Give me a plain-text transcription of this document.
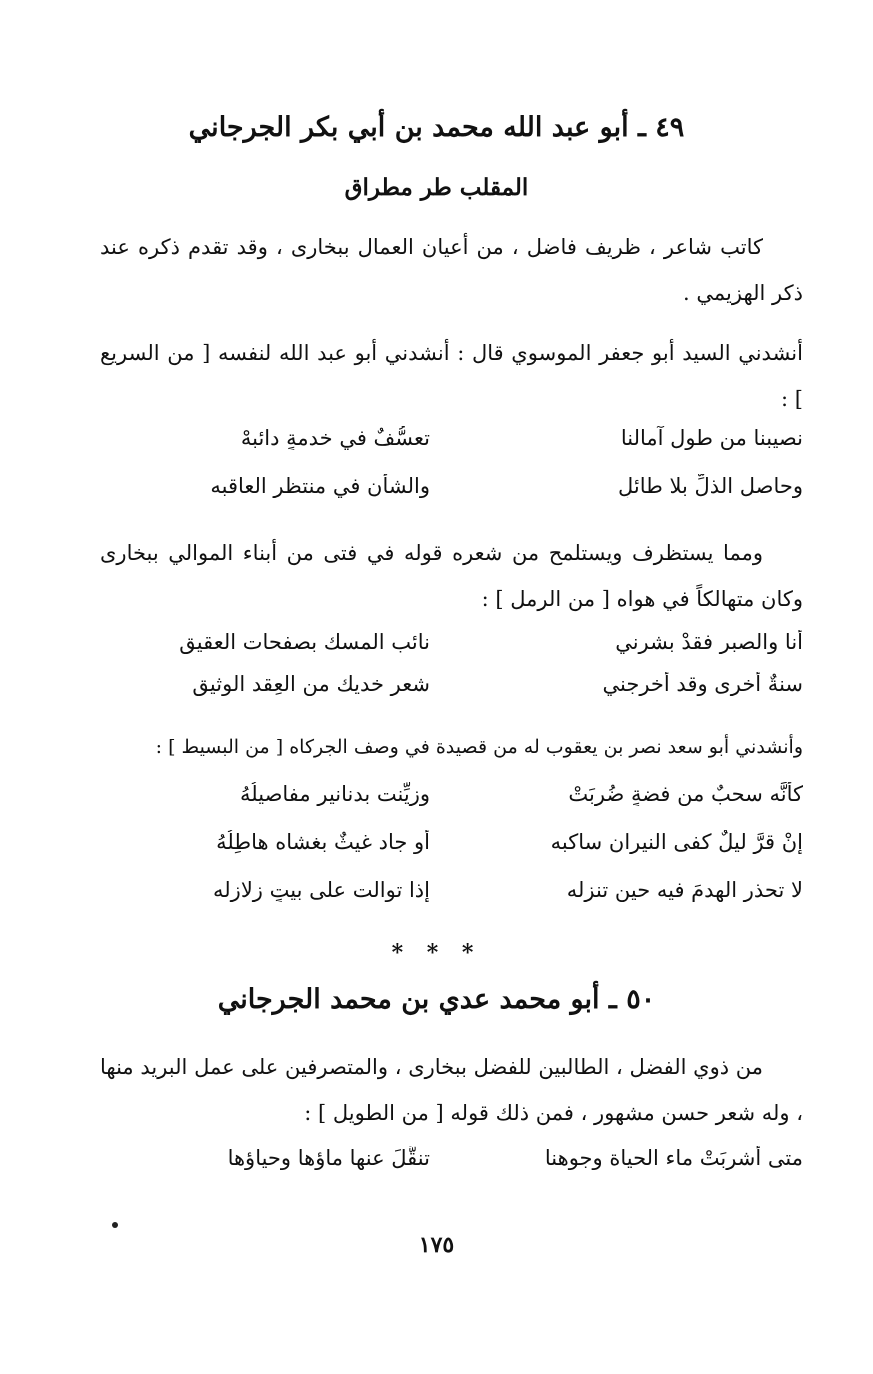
٤٩ ـ أبو عبد الله محمد بن أبي بكر الجرجاني
المقلب طر مطراق
كاتب شاعر ، ظريف فاضل ، من أعيان العمال ببخارى ، وقد تقدم ذكره عند ذكر الهزيمي .
أنشدني السيد أبو جعفر الموسوي قال : أنشدني أبو عبد الله لنفسه [ من السريع ] :
نصيبنا من طول آمالنا
تعسُّفٌ في خدمةٍ دائبهْ
وحاصل الذلِّ بلا طائلٍ
والشأن في منتظر العاقبه
ومما يستظرف ويستلمح من شعره قوله في فتى من أبناء الموالي ببخارى وكان متهالكاً في هواه [ من الرمل ] :
أنا والصبر فقدْ بشرني
نائب المسك بصفحات العقيقِ
سنةٌ أخرى وقد أخرجني
شعر خديك من العِقد الوثيق
وأنشدني أبو سعد نصر بن يعقوب له من قصيدة في وصف الجركاه [ من البسيط ] :
كأنَّه سحبٌ من فضةٍ ضُرِبَتْ
وزيِّنت بدنانيرٍ مفاصيلُهُ
إنْ قرَّ ليلٌ كفى النيران ساكبه
أو جاد غيثٌ بغشاه هاطِلُهُ
لا تحذر الهدمَ فيه حين تنزله
إذا توالت على بيتٍ زلازله
* * *
٥٠ ـ أبو محمد عدي بن محمد الجرجاني
من ذوي الفضل ، الطالبين للفضل ببخارى ، والمتصرفين على عمل البريد منها ، وله شعر حسن مشهور ، فمن ذلك قوله [ من الطويل ] :
متى أُشربَتْ ماء الحياة وجوهنا
تنقَّلَ عنها ماؤها وحياؤها
١٧٥
